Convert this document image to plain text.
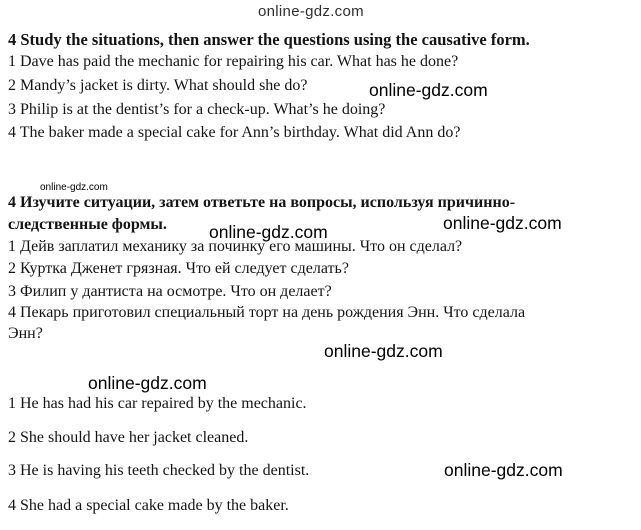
online-gdz.com
4 Study the situations, then answer the questions using the causative form.
1 Dave has paid the mechanic for repairing his car. What has he done?
2 Mandy’s jacket is dirty. What should she do?
3 Philip is at the dentist’s for a check-up. What’s he doing?
4 The baker made a special cake for Ann’s birthday. What did Ann do?
online-gdz.com
online-gdz.com
4 Изучите ситуации, затем ответьте на вопросы, используя причинно-
следственные формы. online-gdz.com	online-gdz.com
1 Дейв заплатил механику за починку его машины. Что он сделал?
2 Куртка Дженет грязная. Что ей следует сделать?
3 Филип у дантиста на осмотре. Что он делает?
4 Пекарь приготовил специальный торт на день рождения Энн. Что сделала
Энн?
online-gdz.com
online-gdz.com
1 He has had his car repaired by the mechanic.
2 She should have her jacket cleaned.
3 He is having his teeth checked by the dentist.
4 She had a special cake made by the baker.
online-gdz.com
